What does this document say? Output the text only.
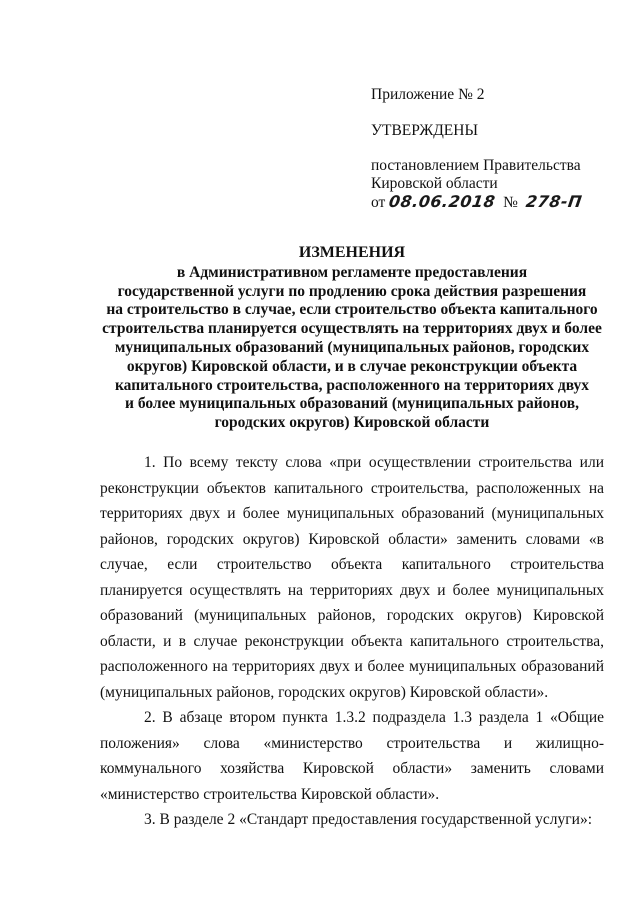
Приложение № 2
УТВЕРЖДЕНЫ
постановлением Правительства
Кировской области
от 08.06.2018 № 278-П
ИЗМЕНЕНИЯ
в Административном регламенте предоставления
государственной услуги по продлению срока действия разрешения
на строительство в случае, если строительство объекта капитального
строительства планируется осуществлять на территориях двух и более
муниципальных образований (муниципальных районов, городских
округов) Кировской области, и в случае реконструкции объекта
капитального строительства, расположенного на территориях двух
и более муниципальных образований (муниципальных районов,
городских округов) Кировской области

1. По всему тексту слова «при осуществлении строительства или реконструкции объектов капитального строительства, расположенных на территориях двух и более муниципальных образований (муниципальных районов, городских округов) Кировской области» заменить словами «в случае, если строительство объекта капитального строительства планируется осуществлять на территориях двух и более муниципальных образований (муниципальных районов, городских округов) Кировской области, и в случае реконструкции объекта капитального строительства, расположенного на территориях двух и более муниципальных образований (муниципальных районов, городских округов) Кировской области».

2. В абзаце втором пункта 1.3.2 подраздела 1.3 раздела 1 «Общие положения» слова «министерство строительства и жилищно-коммунального хозяйства Кировской области» заменить словами «министерство строительства Кировской области».

3. В разделе 2 «Стандарт предоставления государственной услуги»:
